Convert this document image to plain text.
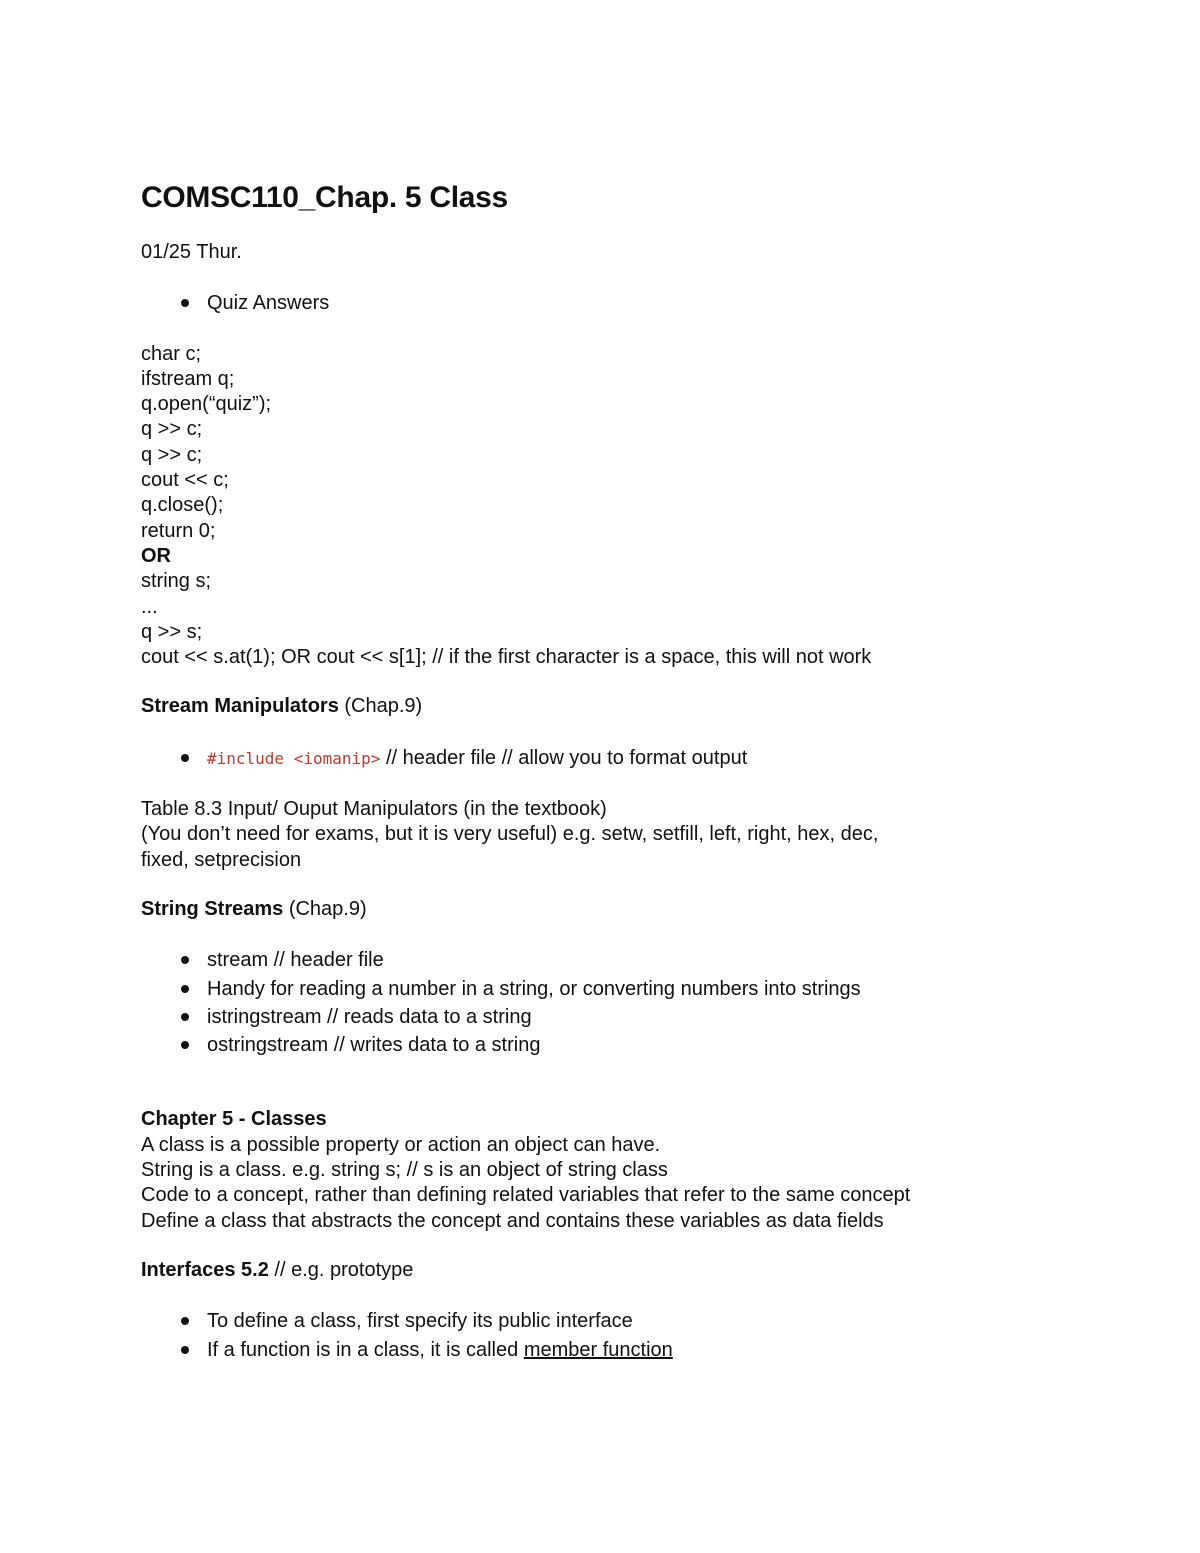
COMSC110_Chap. 5 Class

01/25 Thur.

Quiz Answers

char c;

ifstream q;

q.open(“quiz”);

q >> c;

q >> c;

cout << c;

q.close();

return 0;

OR

string s;

...

q >> s;

cout << s.at(1); OR cout << s[1]; // if the first character is a space, this will not work

Stream Manipulators (Chap.9)

#include <iomanip> // header file // allow you to format output

Table 8.3 Input/ Ouput Manipulators (in the textbook)

(You don’t need for exams, but it is very useful) e.g. setw, setfill, left, right, hex, dec,

fixed, setprecision

String Streams (Chap.9)

stream // header file
Handy for reading a number in a string, or converting numbers into strings
istringstream // reads data to a string
ostringstream // writes data to a string

Chapter 5 - Classes

A class is a possible property or action an object can have.

String is a class. e.g. string s; // s is an object of string class

Code to a concept, rather than defining related variables that refer to the same concept

Define a class that abstracts the concept and contains these variables as data fields

Interfaces 5.2 // e.g. prototype

To define a class, first specify its public interface
If a function is in a class, it is called member function
